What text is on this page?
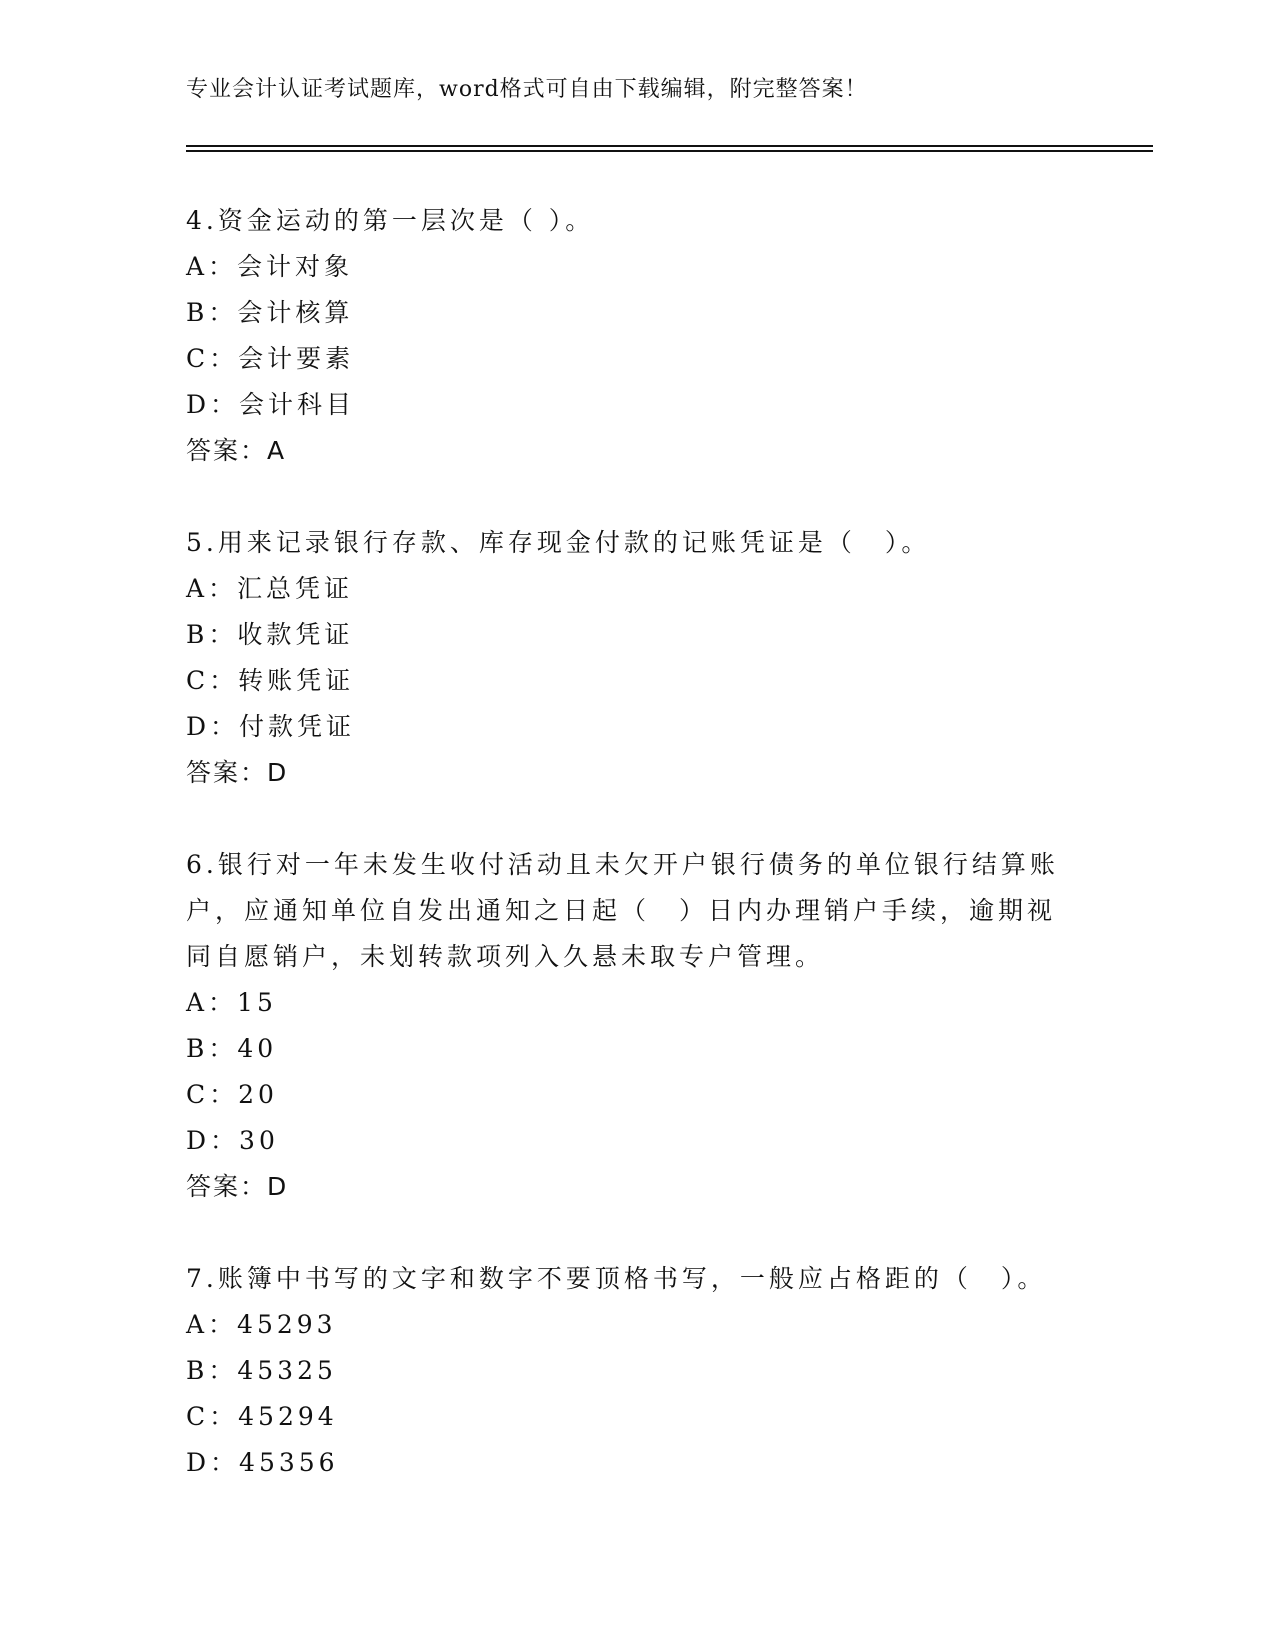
专业会计认证考试题库，word格式可自由下载编辑，附完整答案！
4.资金运动的第一层次是（ ）。
A：会计对象
B：会计核算
C：会计要素
D：会计科目
答案：A
5.用来记录银行存款、库存现金付款的记账凭证是（　）。
A：汇总凭证
B：收款凭证
C：转账凭证
D：付款凭证
答案：D
6.银行对一年未发生收付活动且未欠开户银行债务的单位银行结算账
户，应通知单位自发出通知之日起（　）日内办理销户手续，逾期视
同自愿销户，未划转款项列入久悬未取专户管理。
A：15
B：40
C：20
D：30
答案：D
7.账簿中书写的文字和数字不要顶格书写，一般应占格距的（　）。
A：45293
B：45325
C：45294
D：45356
